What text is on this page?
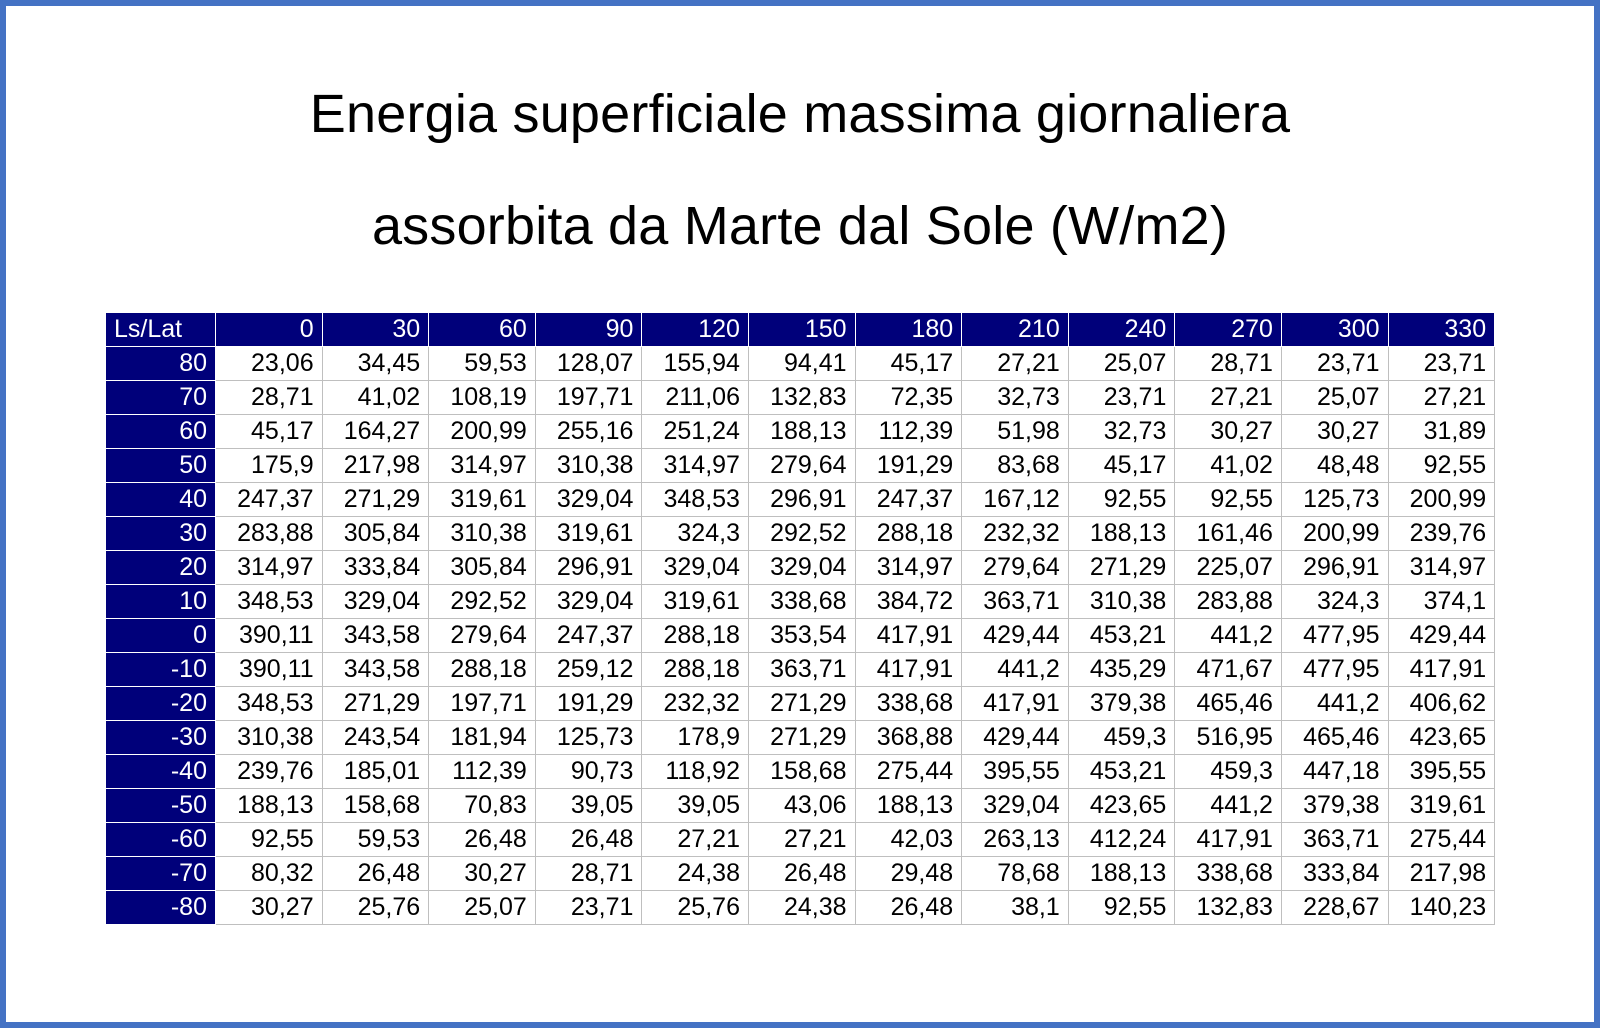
Energia superficiale massima giornaliera
assorbita da Marte dal Sole (W/m2)
Ls/Lat	0	30	60	90	120	150	180	210	240	270	300	330
80	23,06	34,45	59,53	128,07	155,94	94,41	45,17	27,21	25,07	28,71	23,71	23,71
70	28,71	41,02	108,19	197,71	211,06	132,83	72,35	32,73	23,71	27,21	25,07	27,21
60	45,17	164,27	200,99	255,16	251,24	188,13	112,39	51,98	32,73	30,27	30,27	31,89
50	175,9	217,98	314,97	310,38	314,97	279,64	191,29	83,68	45,17	41,02	48,48	92,55
40	247,37	271,29	319,61	329,04	348,53	296,91	247,37	167,12	92,55	92,55	125,73	200,99
30	283,88	305,84	310,38	319,61	324,3	292,52	288,18	232,32	188,13	161,46	200,99	239,76
20	314,97	333,84	305,84	296,91	329,04	329,04	314,97	279,64	271,29	225,07	296,91	314,97
10	348,53	329,04	292,52	329,04	319,61	338,68	384,72	363,71	310,38	283,88	324,3	374,1
0	390,11	343,58	279,64	247,37	288,18	353,54	417,91	429,44	453,21	441,2	477,95	429,44
-10	390,11	343,58	288,18	259,12	288,18	363,71	417,91	441,2	435,29	471,67	477,95	417,91
-20	348,53	271,29	197,71	191,29	232,32	271,29	338,68	417,91	379,38	465,46	441,2	406,62
-30	310,38	243,54	181,94	125,73	178,9	271,29	368,88	429,44	459,3	516,95	465,46	423,65
-40	239,76	185,01	112,39	90,73	118,92	158,68	275,44	395,55	453,21	459,3	447,18	395,55
-50	188,13	158,68	70,83	39,05	39,05	43,06	188,13	329,04	423,65	441,2	379,38	319,61
-60	92,55	59,53	26,48	26,48	27,21	27,21	42,03	263,13	412,24	417,91	363,71	275,44
-70	80,32	26,48	30,27	28,71	24,38	26,48	29,48	78,68	188,13	338,68	333,84	217,98
-80	30,27	25,76	25,07	23,71	25,76	24,38	26,48	38,1	92,55	132,83	228,67	140,23
